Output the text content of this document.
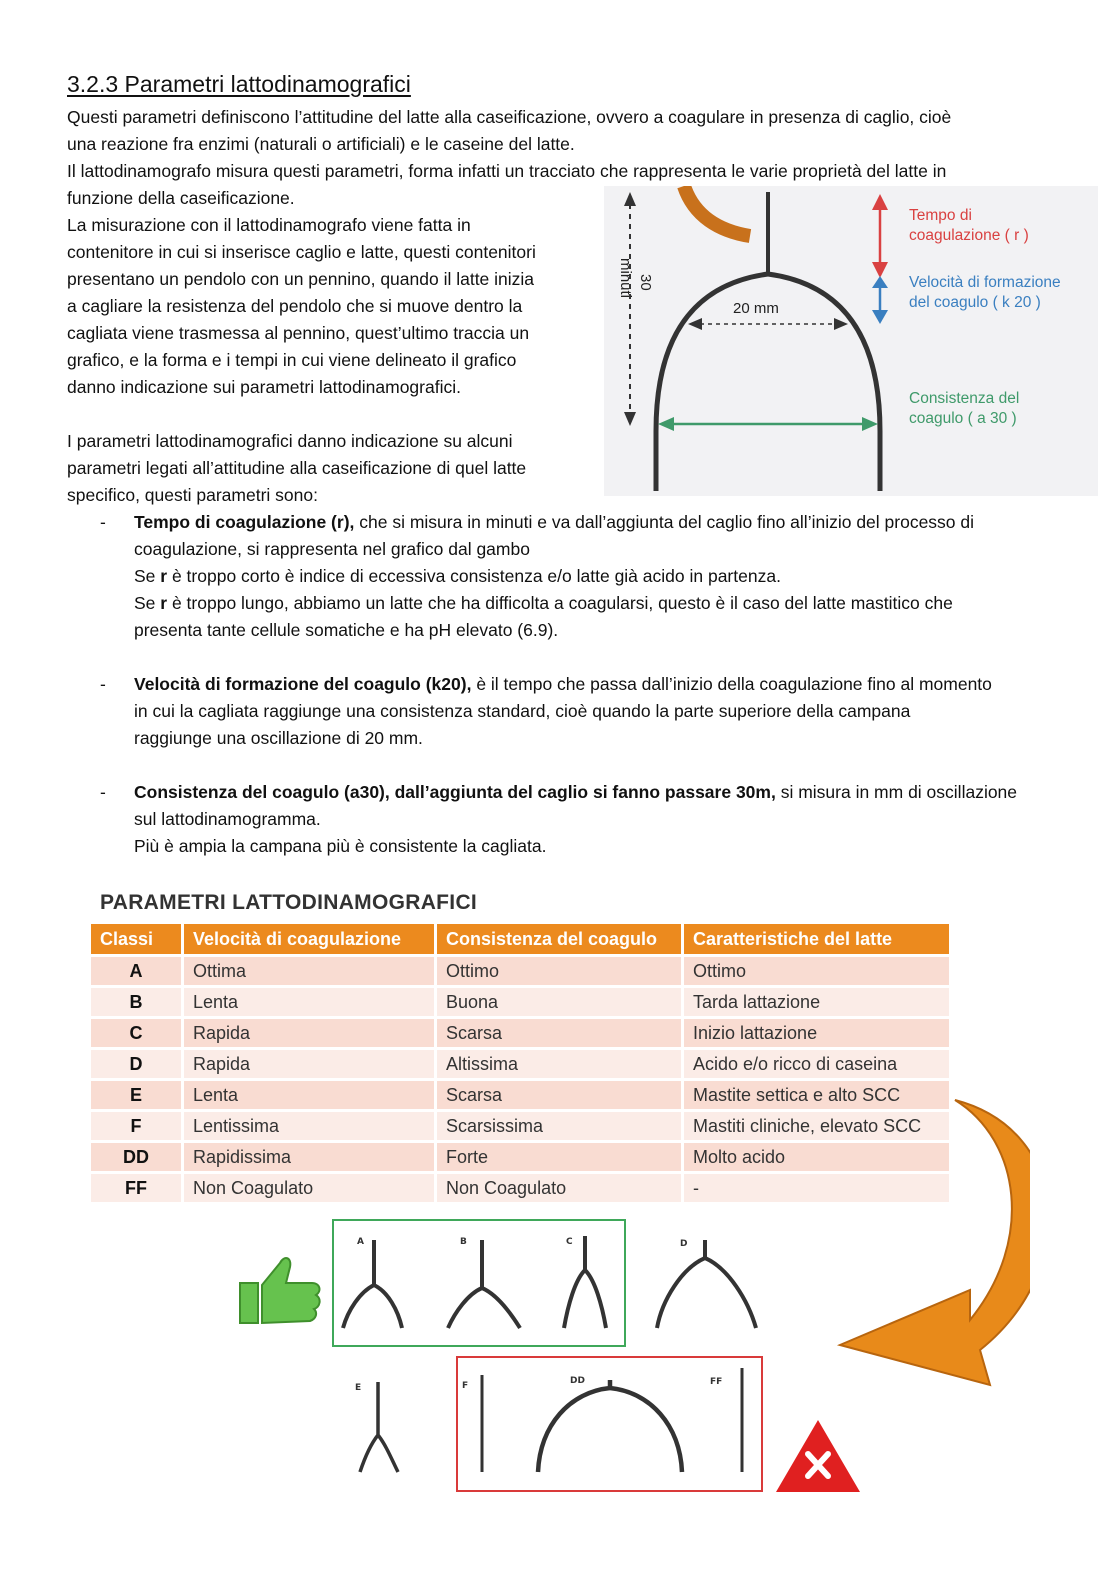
3.2.3 Parametri lattodinamografici

Questi parametri definiscono l’attitudine del latte alla caseificazione, ovvero a coagulare in presenza di caglio, cioè

una reazione fra enzimi (naturali o artificiali) e le caseine del latte.

Il lattodinamografo misura questi parametri, forma infatti un tracciato che rappresenta le varie proprietà del latte in

funzione della caseificazione.

La misurazione con il lattodinamografo viene fatta in

contenitore in cui si inserisce caglio e latte, questi contenitori

presentano un pendolo con un pennino, quando il latte inizia

a cagliare la resistenza del pendolo che si muove dentro la

cagliata viene trasmessa al pennino, quest’ultimo traccia un

grafico, e la forma e i tempi in cui viene delineato il grafico

danno indicazione sui parametri lattodinamografici.

I parametri lattodinamografici danno indicazione su alcuni

parametri legati all’attitudine alla caseificazione di quel latte

specifico, questi parametri sono:

20 mm
30
minuti
Tempo di
coagulazione ( r )
Velocità di formazione
del coagulo ( k 20 )
Consistenza del
coagulo ( a 30 )
- Tempo di coagulazione (r), che si misura in minuti e va dall’aggiunta del caglio fino all’inizio del processo di
coagulazione, si rappresenta nel grafico dal gambo
Se r è troppo corto è indice di eccessiva consistenza e/o latte già acido in partenza.
Se r è troppo lungo, abbiamo un latte che ha difficolta a coagularsi, questo è il caso del latte mastitico che
presenta tante cellule somatiche e ha pH elevato (6.9).
- Velocità di formazione del coagulo (k20), è il tempo che passa dall’inizio della coagulazione fino al momento
in cui la cagliata raggiunge una consistenza standard, cioè quando la parte superiore della campana
raggiunge una oscillazione di 20 mm.
- Consistenza del coagulo (a30), dall’aggiunta del caglio si fanno passare 30m, si misura in mm di oscillazione
sul lattodinamogramma.
Più è ampia la campana più è consistente la cagliata.
PARAMETRI LATTODINAMOGRAFICI
Classi	Velocità di coagulazione	Consistenza del coagulo	Caratteristiche del latte
A	Ottima	Ottimo	Ottimo
B	Lenta	Buona	Tarda lattazione
C	Rapida	Scarsa	Inizio lattazione
D	Rapida	Altissima	Acido e/o ricco di caseina
E	Lenta	Scarsa	Mastite settica e alto SCC
F	Lentissima	Scarsissima	Mastiti cliniche, elevato SCC
DD	Rapidissima	Forte	Molto acido
FF	Non Coagulato	Non Coagulato	-
A	B	C	D
E	F	DD	FF
